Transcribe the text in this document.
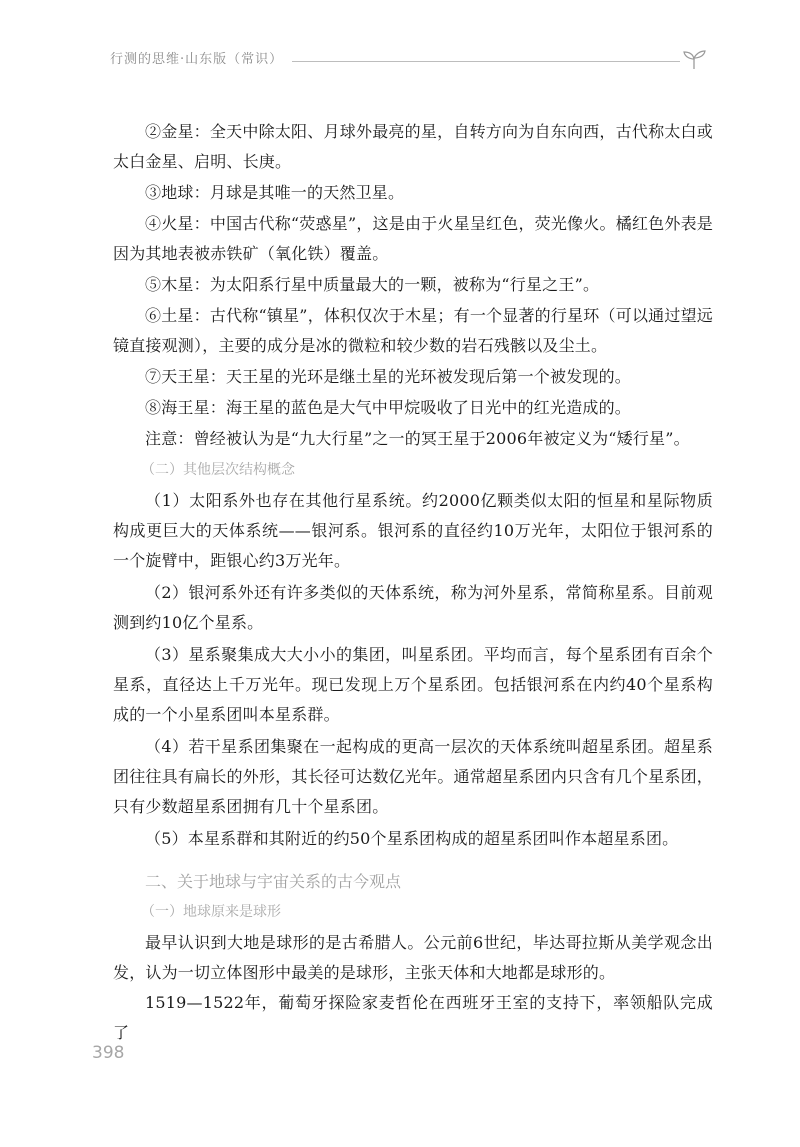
行测的思维·山东版（常识）

②金星：全天中除太阳、月球外最亮的星，自转方向为自东向西，古代称太白或太白金星、启明、长庚。

③地球：月球是其唯一的天然卫星。

④火星：中国古代称“荧惑星”，这是由于火星呈红色，荧光像火。橘红色外表是因为其地表被赤铁矿（氧化铁）覆盖。

⑤木星：为太阳系行星中质量最大的一颗，被称为“行星之王”。

⑥土星：古代称“镇星”，体积仅次于木星；有一个显著的行星环（可以通过望远镜直接观测），主要的成分是冰的微粒和较少数的岩石残骸以及尘土。

⑦天王星：天王星的光环是继土星的光环被发现后第一个被发现的。

⑧海王星：海王星的蓝色是大气中甲烷吸收了日光中的红光造成的。

注意：曾经被认为是“九大行星”之一的冥王星于2006年被定义为“矮行星”。

（二）其他层次结构概念

（1）太阳系外也存在其他行星系统。约2000亿颗类似太阳的恒星和星际物质构成更巨大的天体系统——银河系。银河系的直径约10万光年，太阳位于银河系的一个旋臂中，距银心约3万光年。

（2）银河系外还有许多类似的天体系统，称为河外星系，常简称星系。目前观测到约10亿个星系。

（3）星系聚集成大大小小的集团，叫星系团。平均而言，每个星系团有百余个星系，直径达上千万光年。现已发现上万个星系团。包括银河系在内约40个星系构成的一个小星系团叫本星系群。

（4）若干星系团集聚在一起构成的更高一层次的天体系统叫超星系团。超星系团往往具有扁长的外形，其长径可达数亿光年。通常超星系团内只含有几个星系团，只有少数超星系团拥有几十个星系团。

（5）本星系群和其附近的约50个星系团构成的超星系团叫作本超星系团。

二、关于地球与宇宙关系的古今观点

（一）地球原来是球形

最早认识到大地是球形的是古希腊人。公元前6世纪，毕达哥拉斯从美学观念出发，认为一切立体图形中最美的是球形，主张天体和大地都是球形的。

1519—1522年，葡萄牙探险家麦哲伦在西班牙王室的支持下，率领船队完成了

398
